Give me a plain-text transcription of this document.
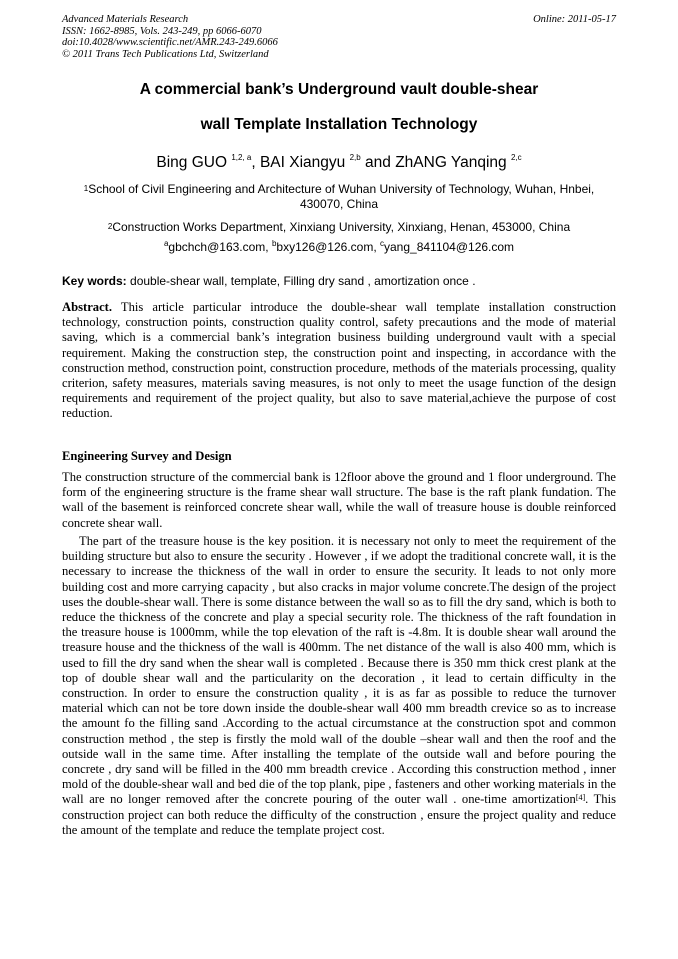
Advanced Materials Research
ISSN: 1662-8985, Vols. 243-249, pp 6066-6070
doi:10.4028/www.scientific.net/AMR.243-249.6066
© 2011 Trans Tech Publications Ltd, Switzerland
Online: 2011-05-17
A commercial bank’s Underground vault double-shear
wall Template Installation Technology
Bing GUO $^{1,2, a}$, BAI Xiangyu $^{2,b}$ and ZhANG Yanqing $^{2,c}$
$^1$School of Civil Engineering and Architecture of Wuhan University of Technology, Wuhan, Hnbei, 430070, China
$^2$Construction Works Department, Xinxiang University, Xinxiang, Henan, 453000, China
$^a$gbchch@163.com, $^b$bxy126@126.com, $^c$yang_841104@126.com
Key words: double-shear wall, template, Filling dry sand , amortization once .
Abstract. This article particular introduce the double-shear wall template installation construction technology, construction points, construction quality control, safety precautions and the mode of material saving, which is a commercial bank’s integration business building underground vault with a special requirement. Making the construction step, the construction point and inspecting, in accordance with the construction method, construction point, construction procedure, methods of the materials processing, quality criterion, safety measures, materials saving measures, is not only to meet the usage function of the design requirements and requirement of the project quality, but also to save material,achieve the purpose of cost reduction.
Engineering Survey and Design
The construction structure of the commercial bank is 12floor above the ground and 1 floor underground. The form of the engineering structure is the frame shear wall structure. The base is the raft plank fundation. The wall of the basement is reinforced concrete shear wall, while the wall of treasure house is double reinforced concrete shear wall.
The part of the treasure house is the key position. it is necessary not only to meet the requirement of the building structure but also to ensure the security . However , if we adopt the traditional concrete wall, it is the necessary to increase the thickness of the wall in order to ensure the security. It leads to not only more building cost and more carrying capacity , but also cracks in major volume concrete.The design of the project uses the double-shear wall. There is some distance between the wall so as to fill the dry sand, which is both to reduce the thickness of the concrete and play a special security role. The thickness of the raft foundation in the treasure house is 1000mm, while the top elevation of the raft is -4.8m. It is double shear wall around the treasure house and the thickness of the wall is 400mm. The net distance of the wall is also 400 mm, which is used to fill the dry sand when the shear wall is completed . Because there is 350 mm thick crest plank at the top of double shear wall and the particularity on the decoration , it lead to certain difficulty in the construction. In order to ensure the construction quality , it is as far as possible to reduce the turnover material which can not be tore down inside the double-shear wall 400 mm breadth crevice so as to increase the amount fo the filling sand .According to the actual circumstance at the construction spot and common construction method , the step is firstly the mold wall of the double –shear wall and then the roof and the outside wall in the same time. After installing the template of the outside wall and before pouring the concrete , dry sand will be filled in the 400 mm breadth crevice . According this construction method , inner mold of the double-shear wall and bed die of the top plank, pipe , fasteners and other working materials in the wall are no longer removed after the concrete pouring of the outer wall . one-time amortization[4]. This construction project can both reduce the difficulty of the construction , ensure the project quality and reduce the amount of the template and reduce the template project cost.
